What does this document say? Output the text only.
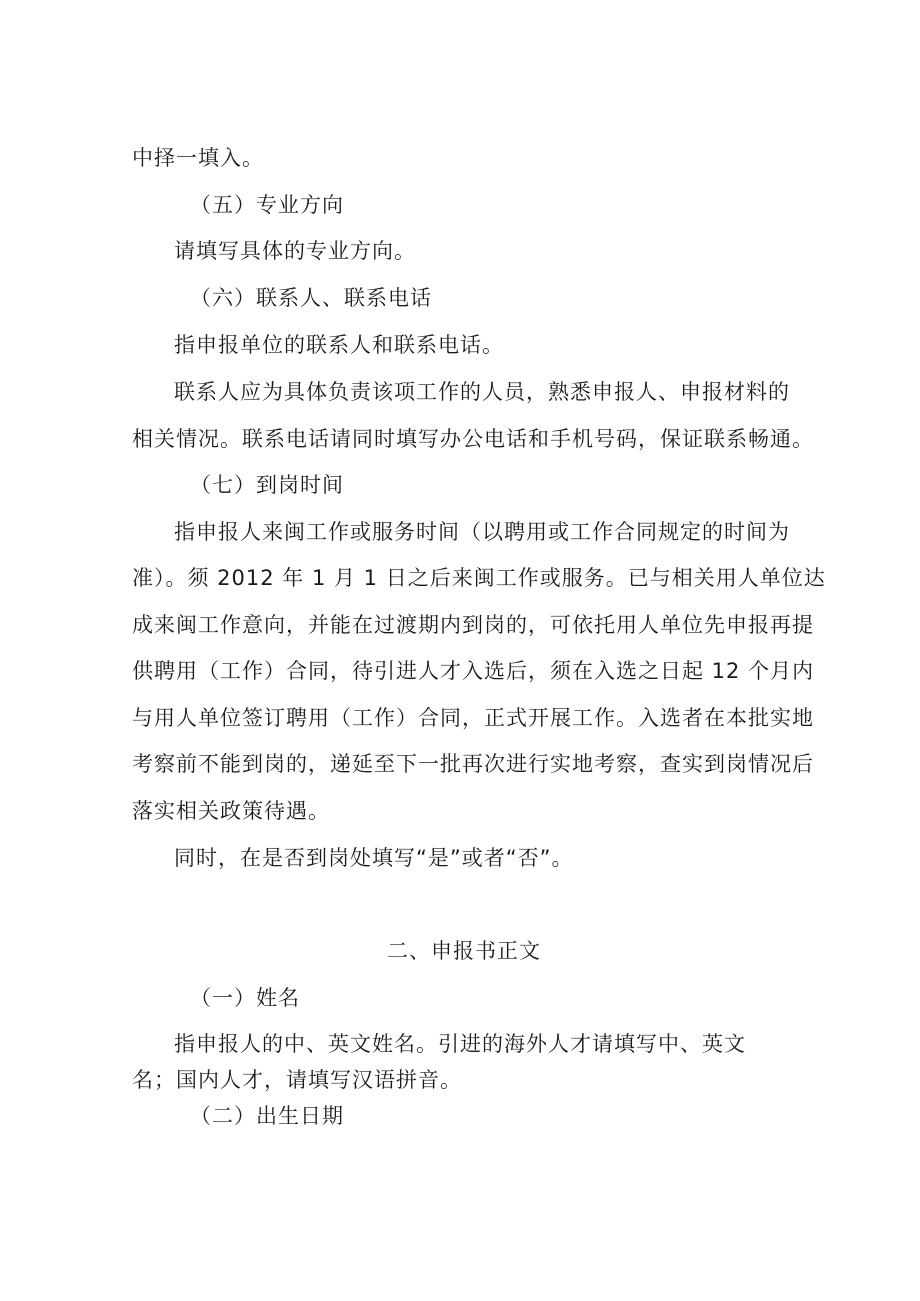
中择一填入。
（五）专业方向
请填写具体的专业方向。
（六）联系人、联系电话
指申报单位的联系人和联系电话。
联系人应为具体负责该项工作的人员，熟悉申报人、申报材料的
相关情况。联系电话请同时填写办公电话和手机号码，保证联系畅通。
（七）到岗时间
指申报人来闽工作或服务时间（以聘用或工作合同规定的时间为
准）。须 2012 年 1 月 1 日之后来闽工作或服务。已与相关用人单位达
成来闽工作意向，并能在过渡期内到岗的，可依托用人单位先申报再提
供聘用（工作）合同，待引进人才入选后，须在入选之日起 12 个月内
与用人单位签订聘用（工作）合同，正式开展工作。入选者在本批实地
考察前不能到岗的，递延至下一批再次进行实地考察，查实到岗情况后
落实相关政策待遇。
同时，在是否到岗处填写“是”或者“否”。
二、申报书正文
（一）姓名
指申报人的中、英文姓名。引进的海外人才请填写中、英文
名；国内人才，请填写汉语拼音。
（二）出生日期
